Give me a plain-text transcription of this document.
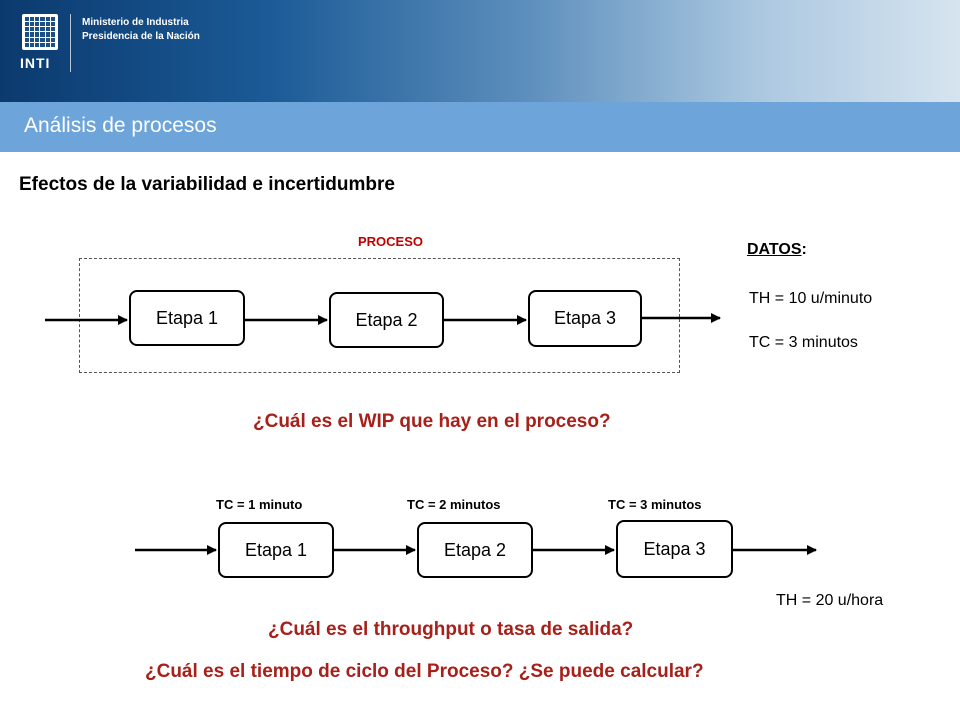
INTI
Ministerio de Industria
Presidencia de la Nación
Análisis de procesos
Efectos de la variabilidad e incertidumbre
PROCESO
Etapa 1	Etapa 2	Etapa 3
DATOS:
TH = 10 u/minuto
TC = 3 minutos
¿Cuál es el WIP que hay en el proceso?
TC = 1 minuto	TC = 2 minutos	TC = 3 minutos
Etapa 1	Etapa 2	Etapa 3
TH = 20 u/hora
¿Cuál es el throughput o tasa de salida?
¿Cuál es el tiempo de ciclo del Proceso? ¿Se puede calcular?
